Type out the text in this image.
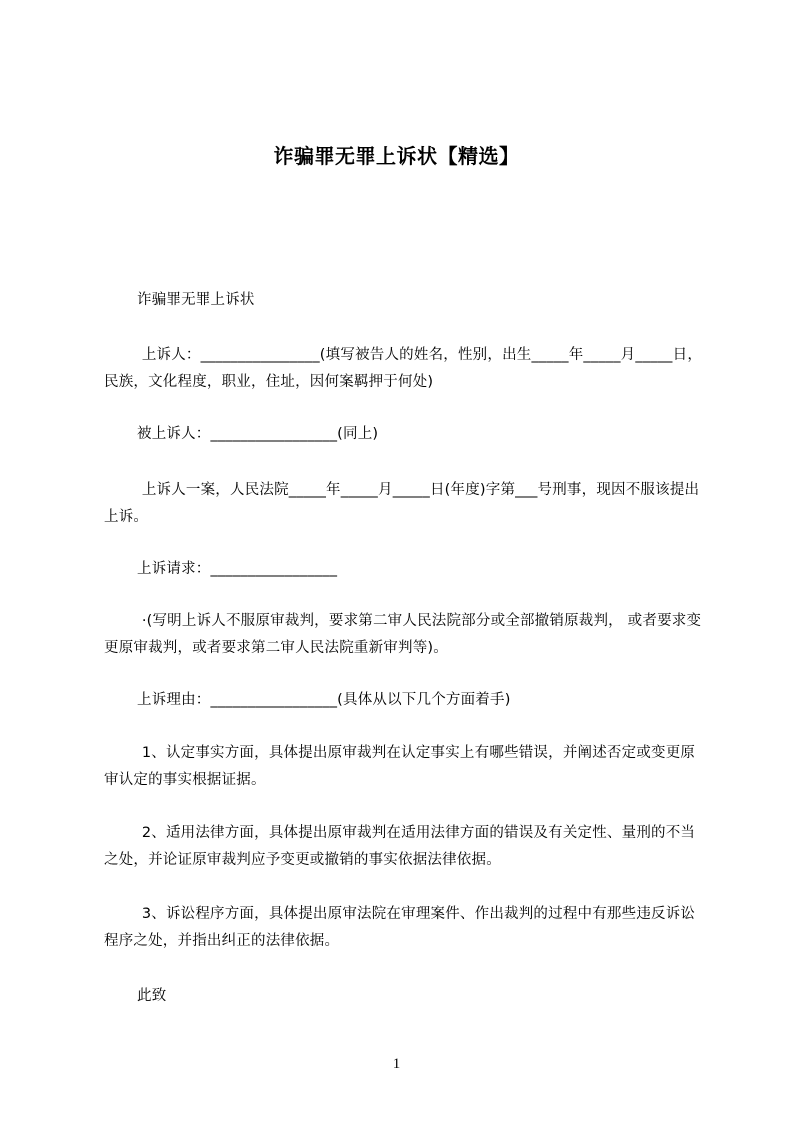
诈骗罪无罪上诉状【精选】
诈骗罪无罪上诉状
上诉人：________________(填写被告人的姓名，性别，出生_____年_____月_____日，民族，文化程度，职业，住址，因何案羁押于何处)
被上诉人：_________________(同上)
上诉人一案，人民法院_____年_____月_____日(年度)字第___号刑事，现因不服该提出上诉。
上诉请求：_________________
·(写明上诉人不服原审裁判，要求第二审人民法院部分或全部撤销原裁判， 或者要求变更原审裁判，或者要求第二审人民法院重新审判等)。
上诉理由：_________________(具体从以下几个方面着手)
1、认定事实方面，具体提出原审裁判在认定事实上有哪些错误，并阐述否定或变更原审认定的事实根据证据。
2、适用法律方面，具体提出原审裁判在适用法律方面的错误及有关定性、量刑的不当之处，并论证原审裁判应予变更或撤销的事实依据法律依据。
3、诉讼程序方面，具体提出原审法院在审理案件、作出裁判的过程中有那些违反诉讼程序之处，并指出纠正的法律依据。
此致
1
